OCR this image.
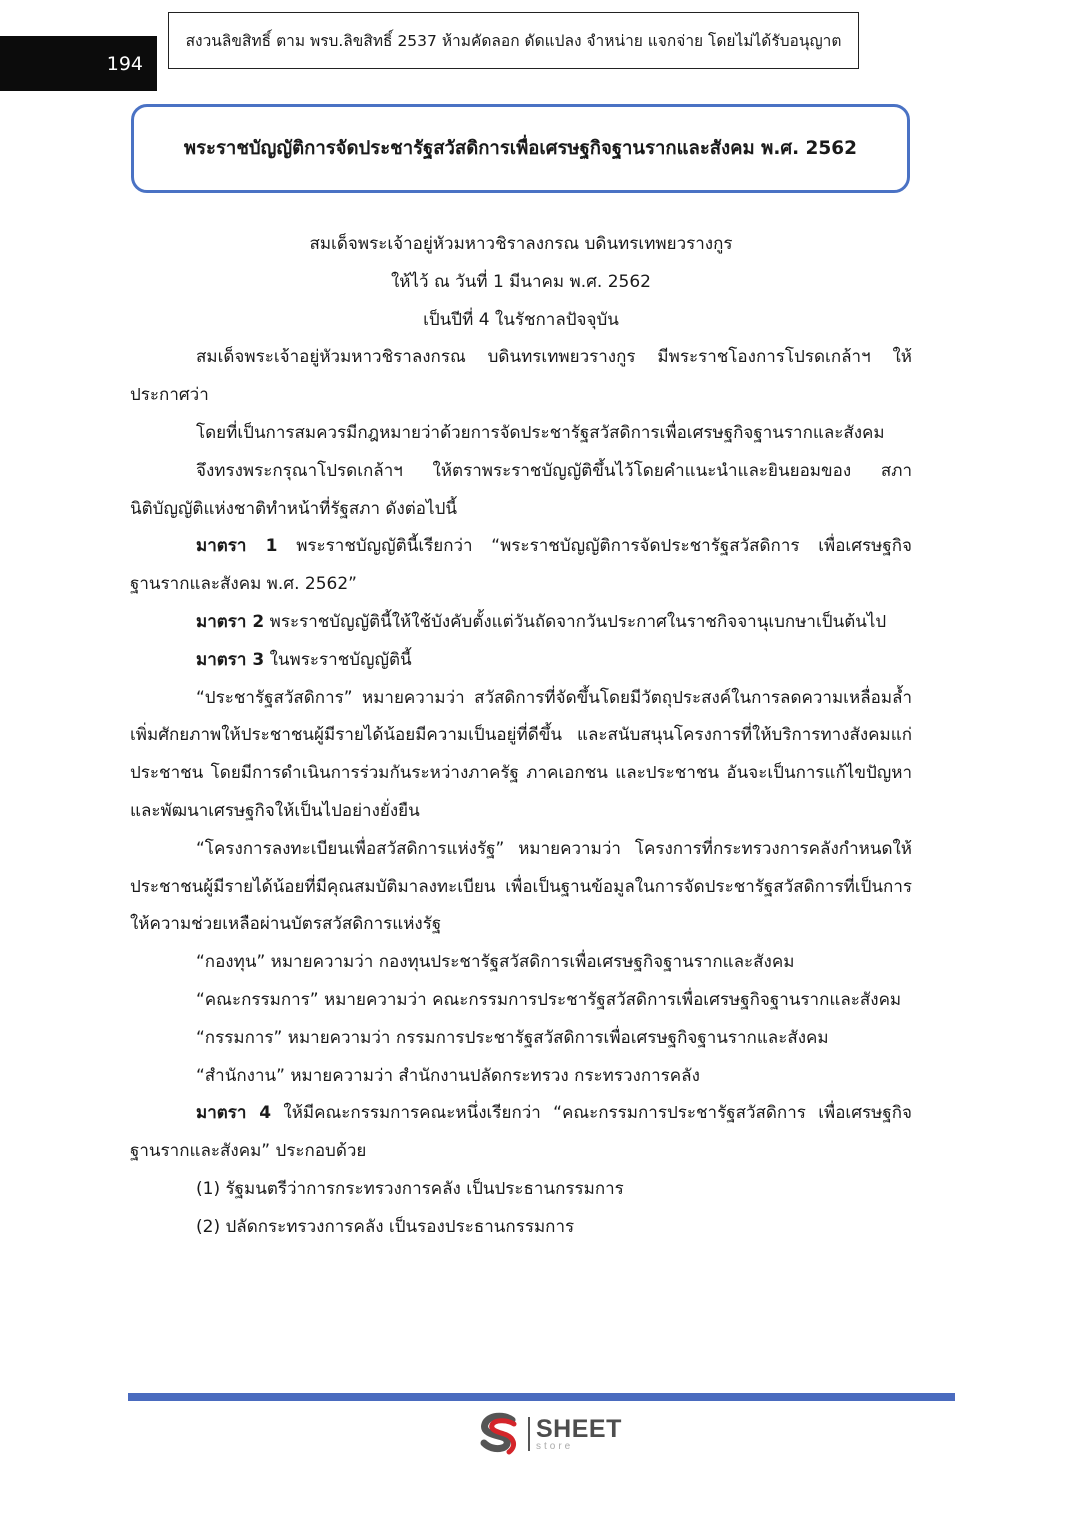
194
สงวนลิขสิทธิ์ ตาม พรบ.ลิขสิทธิ์ 2537 ห้ามคัดลอก ดัดแปลง จำหน่าย แจกจ่าย โดยไม่ได้รับอนุญาต
พระราชบัญญัติการจัดประชารัฐสวัสดิการเพื่อเศรษฐกิจฐานรากและสังคม พ.ศ. 2562

สมเด็จพระเจ้าอยู่หัวมหาวชิราลงกรณ บดินทรเทพยวรางกูร

ให้ไว้ ณ วันที่ 1 มีนาคม พ.ศ. 2562

เป็นปีที่ 4 ในรัชกาลปัจจุบัน

สมเด็จพระเจ้าอยู่หัวมหาวชิราลงกรณ บดินทรเทพยวรางกูร มีพระราชโองการโปรดเกล้าฯ ให้ประกาศว่า

โดยที่เป็นการสมควรมีกฎหมายว่าด้วยการจัดประชารัฐสวัสดิการเพื่อเศรษฐกิจฐานรากและสังคม

จึงทรงพระกรุณาโปรดเกล้าฯ ให้ตราพระราชบัญญัติขึ้นไว้โดยคำแนะนำและยินยอมของ สภานิติบัญญัติแห่งชาติทำหน้าที่รัฐสภา ดังต่อไปนี้

มาตรา 1 พระราชบัญญัตินี้เรียกว่า “พระราชบัญญัติการจัดประชารัฐสวัสดิการ เพื่อเศรษฐกิจฐานรากและสังคม พ.ศ. 2562”

มาตรา 2 พระราชบัญญัตินี้ให้ใช้บังคับตั้งแต่วันถัดจากวันประกาศในราชกิจจานุเบกษาเป็นต้นไป

มาตรา 3 ในพระราชบัญญัตินี้

“ประชารัฐสวัสดิการ” หมายความว่า สวัสดิการที่จัดขึ้นโดยมีวัตถุประสงค์ในการลดความเหลื่อมล้ำ เพิ่มศักยภาพให้ประชาชนผู้มีรายได้น้อยมีความเป็นอยู่ที่ดีขึ้น และสนับสนุนโครงการที่ให้บริการทางสังคมแก่ประชาชน โดยมีการดำเนินการร่วมกันระหว่างภาครัฐ ภาคเอกชน และประชาชน อันจะเป็นการแก้ไขปัญหาและพัฒนาเศรษฐกิจให้เป็นไปอย่างยั่งยืน

“โครงการลงทะเบียนเพื่อสวัสดิการแห่งรัฐ” หมายความว่า โครงการที่กระทรวงการคลังกำหนดให้ประชาชนผู้มีรายได้น้อยที่มีคุณสมบัติมาลงทะเบียน เพื่อเป็นฐานข้อมูลในการจัดประชารัฐสวัสดิการที่เป็นการให้ความช่วยเหลือผ่านบัตรสวัสดิการแห่งรัฐ

“กองทุน” หมายความว่า กองทุนประชารัฐสวัสดิการเพื่อเศรษฐกิจฐานรากและสังคม

“คณะกรรมการ” หมายความว่า คณะกรรมการประชารัฐสวัสดิการเพื่อเศรษฐกิจฐานรากและสังคม

“กรรมการ” หมายความว่า กรรมการประชารัฐสวัสดิการเพื่อเศรษฐกิจฐานรากและสังคม

“สำนักงาน” หมายความว่า สำนักงานปลัดกระทรวง กระทรวงการคลัง

มาตรา 4 ให้มีคณะกรรมการคณะหนึ่งเรียกว่า “คณะกรรมการประชารัฐสวัสดิการ เพื่อเศรษฐกิจฐานรากและสังคม” ประกอบด้วย

(1) รัฐมนตรีว่าการกระทรวงการคลัง เป็นประธานกรรมการ

(2) ปลัดกระทรวงการคลัง เป็นรองประธานกรรมการ

SHEET
store
